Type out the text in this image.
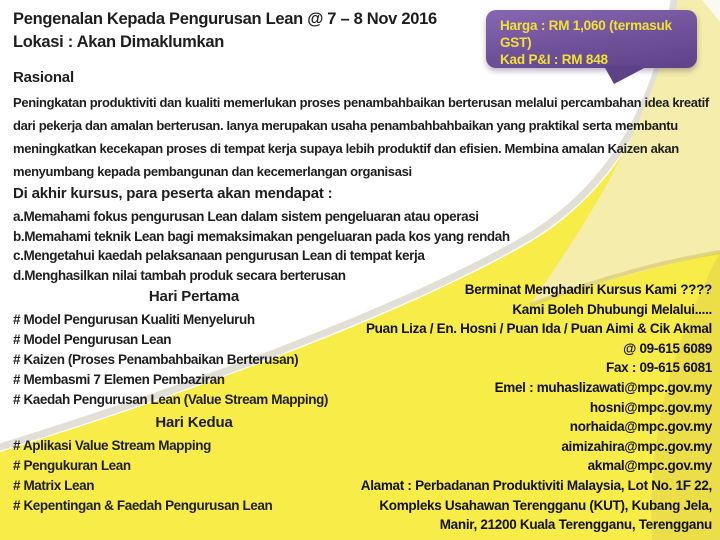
Pengenalan Kepada Pengurusan Lean @ 7 – 8 Nov 2016
Lokasi : Akan Dimaklumkan
Harga : RM 1,060 (termasuk GST)
Kad P&I : RM 848
Rasional
Peningkatan produktiviti dan kualiti memerlukan proses penambahbaikan berterusan melalui percambahan idea kreatif dari pekerja dan amalan berterusan. Ianya merupakan usaha penambahbahbaikan yang praktikal serta membantu meningkatkan kecekapan proses di tempat kerja supaya lebih produktif dan efisien. Membina amalan Kaizen akan menyumbang kepada pembangunan dan kecemerlangan organisasi
Di akhir kursus, para peserta akan mendapat :
a.Memahami fokus pengurusan Lean dalam sistem pengeluaran atau operasi
b.Memahami teknik Lean bagi memaksimakan pengeluaran pada kos yang rendah
c.Mengetahui kaedah pelaksanaan pengurusan Lean di tempat kerja
d.Menghasilkan nilai tambah produk secara berterusan
Hari Pertama
# Model Pengurusan Kualiti Menyeluruh
# Model Pengurusan Lean
# Kaizen (Proses Penambahbaikan Berterusan)
# Membasmi 7 Elemen Pembaziran
# Kaedah Pengurusan Lean (Value Stream Mapping)
Hari Kedua
# Aplikasi Value Stream Mapping
# Pengukuran Lean
# Matrix Lean
# Kepentingan & Faedah Pengurusan Lean
Berminat Menghadiri Kursus Kami ????
Kami Boleh Dhubungi Melalui.....
Puan Liza / En. Hosni / Puan Ida / Puan Aimi & Cik Akmal
@ 09-615 6089
Fax : 09-615 6081
Emel : muhaslizawati@mpc.gov.my
hosni@mpc.gov.my
norhaida@mpc.gov.my
aimizahira@mpc.gov.my
akmal@mpc.gov.my
Alamat : Perbadanan Produktiviti Malaysia, Lot No. 1F 22,
Kompleks Usahawan Terengganu (KUT), Kubang Jela,
Manir, 21200 Kuala Terengganu, Terengganu
